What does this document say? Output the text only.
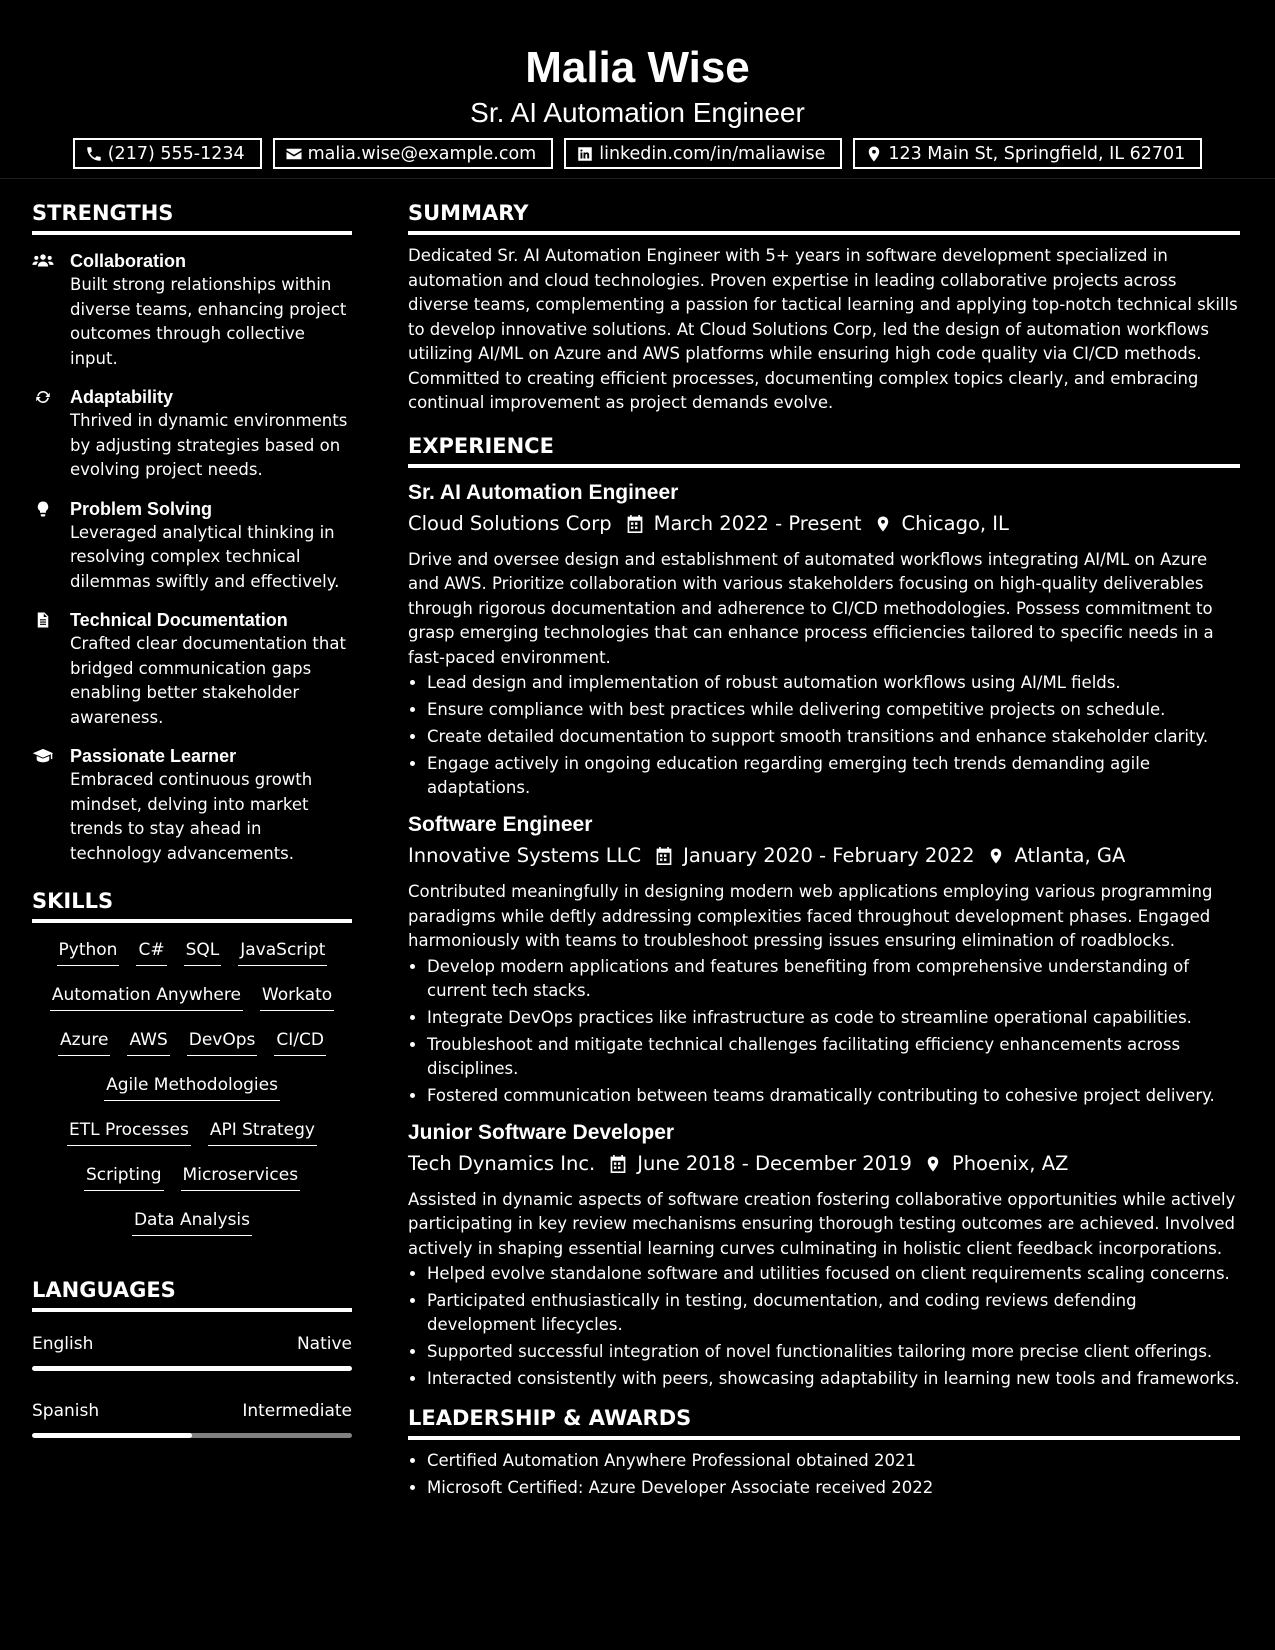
Malia Wise
Sr. AI Automation Engineer
(217) 555-1234	malia.wise@example.com	linkedin.com/in/maliawise	123 Main St, Springfield, IL 62701
STRENGTHS
Collaboration
Built strong relationships within diverse teams, enhancing project outcomes through collective input.
Adaptability
Thrived in dynamic environments by adjusting strategies based on evolving project needs.
Problem Solving
Leveraged analytical thinking in resolving complex technical dilemmas swiftly and effectively.
Technical Documentation
Crafted clear documentation that bridged communication gaps enabling better stakeholder awareness.
Passionate Learner
Embraced continuous growth mindset, delving into market trends to stay ahead in technology advancements.
SKILLS
Python C# SQL JavaScript
Automation Anywhere Workato
Azure AWS DevOps CI/CD
Agile Methodologies
ETL Processes API Strategy
Scripting Microservices
Data Analysis
LANGUAGES
English	Native
Spanish	Intermediate
SUMMARY
Dedicated Sr. AI Automation Engineer with 5+ years in software development specialized in automation and cloud technologies. Proven expertise in leading collaborative projects across diverse teams, complementing a passion for tactical learning and applying top-notch technical skills to develop innovative solutions. At Cloud Solutions Corp, led the design of automation workflows utilizing AI/ML on Azure and AWS platforms while ensuring high code quality via CI/CD methods. Committed to creating efficient processes, documenting complex topics clearly, and embracing continual improvement as project demands evolve.
EXPERIENCE
Sr. AI Automation Engineer
Cloud Solutions Corp March 2022 - Present Chicago, IL
Drive and oversee design and establishment of automated workflows integrating AI/ML on Azure and AWS. Prioritize collaboration with various stakeholders focusing on high-quality deliverables through rigorous documentation and adherence to CI/CD methodologies. Possess commitment to grasp emerging technologies that can enhance process efficiencies tailored to specific needs in a fast-paced environment.
• Lead design and implementation of robust automation workflows using AI/ML fields.
• Ensure compliance with best practices while delivering competitive projects on schedule.
• Create detailed documentation to support smooth transitions and enhance stakeholder clarity.
• Engage actively in ongoing education regarding emerging tech trends demanding agile adaptations.
Software Engineer
Innovative Systems LLC January 2020 - February 2022 Atlanta, GA
Contributed meaningfully in designing modern web applications employing various programming paradigms while deftly addressing complexities faced throughout development phases. Engaged harmoniously with teams to troubleshoot pressing issues ensuring elimination of roadblocks.
• Develop modern applications and features benefiting from comprehensive understanding of current tech stacks.
• Integrate DevOps practices like infrastructure as code to streamline operational capabilities.
• Troubleshoot and mitigate technical challenges facilitating efficiency enhancements across disciplines.
• Fostered communication between teams dramatically contributing to cohesive project delivery.
Junior Software Developer
Tech Dynamics Inc. June 2018 - December 2019 Phoenix, AZ
Assisted in dynamic aspects of software creation fostering collaborative opportunities while actively participating in key review mechanisms ensuring thorough testing outcomes are achieved. Involved actively in shaping essential learning curves culminating in holistic client feedback incorporations.
• Helped evolve standalone software and utilities focused on client requirements scaling concerns.
• Participated enthusiastically in testing, documentation, and coding reviews defending development lifecycles.
• Supported successful integration of novel functionalities tailoring more precise client offerings.
• Interacted consistently with peers, showcasing adaptability in learning new tools and frameworks.
LEADERSHIP & AWARDS
• Certified Automation Anywhere Professional obtained 2021
• Microsoft Certified: Azure Developer Associate received 2022
